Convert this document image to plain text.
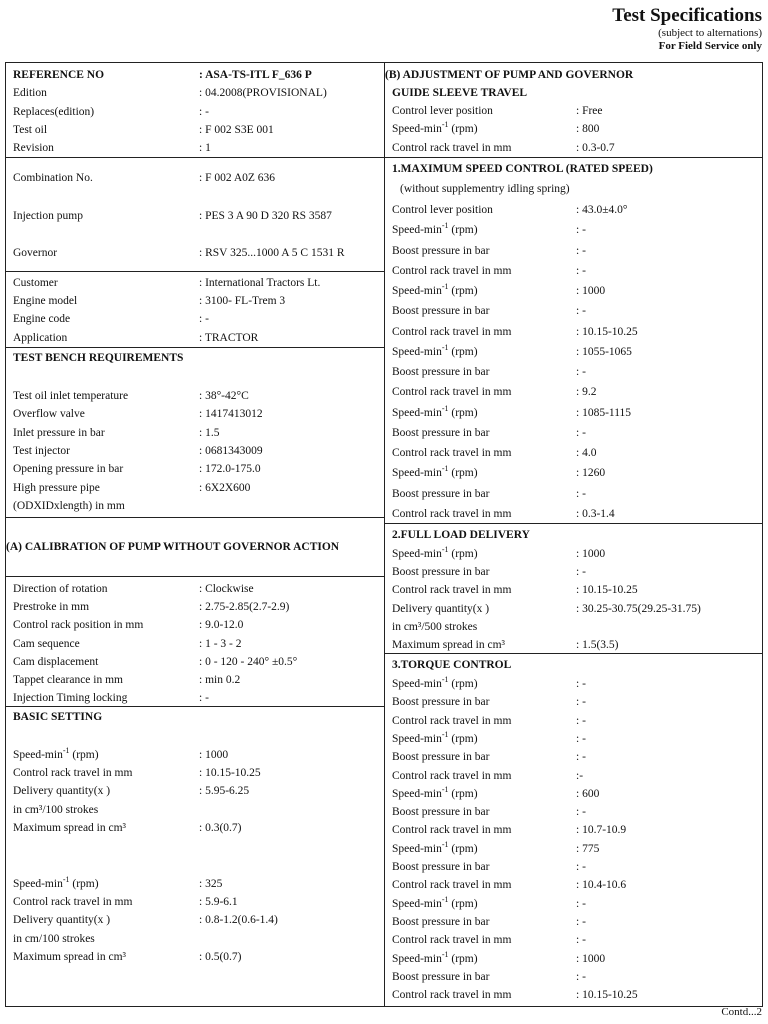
Test Specifications
(subject to alternations)
For Field Service only
REFERENCE NO	: ASA-TS-ITL F_636 P
Edition	: 04.2008(PROVISIONAL)
Replaces(edition)	: -
Test oil	: F 002 S3E 001
Revision	: 1
Combination No.	: F 002 A0Z 636
Injection pump	: PES 3 A 90 D 320 RS 3587
Governor	: RSV 325...1000 A 5 C 1531 R
Customer	: International Tractors Lt.
Engine model	: 3100- FL-Trem 3
Engine code	: -
Application	: TRACTOR
TEST BENCH REQUIREMENTS
Test oil inlet temperature	: 38°-42°C
Overflow valve	: 1417413012
Inlet pressure in bar	: 1.5
Test injector	: 0681343009
Opening pressure in bar	: 172.0-175.0
High pressure pipe	: 6X2X600
(ODXIDxlength) in mm
(A) CALIBRATION OF PUMP WITHOUT GOVERNOR ACTION
Direction of rotation	: Clockwise
Prestroke in mm	: 2.75-2.85(2.7-2.9)
Control rack position in mm	: 9.0-12.0
Cam sequence	: 1 - 3 - 2
Cam displacement	: 0 - 120 - 240° ±0.5°
Tappet clearance in mm	: min 0.2
Injection Timing locking	: -
BASIC SETTING
Speed-$\min^{-1}$ (rpm)	: 1000
Control rack travel in mm	: 10.15-10.25
Delivery quantity(x )	: 5.95-6.25
in cm³/100 strokes
Maximum spread in cm³	: 0.3(0.7)
Speed-$\min^{-1}$ (rpm)	: 325
Control rack travel in mm	: 5.9-6.1
Delivery quantity(x )	: 0.8-1.2(0.6-1.4)
in cm/100 strokes
Maximum spread in cm³	: 0.5(0.7)
(B) ADJUSTMENT OF PUMP AND GOVERNOR
GUIDE SLEEVE TRAVEL
Control lever position	: Free
Speed-$\min^{-1}$ (rpm)	: 800
Control rack travel in mm	: 0.3-0.7
1.MAXIMUM SPEED CONTROL (RATED SPEED)
(without supplementry idling spring)
Control lever position	: 43.0±4.0°
Speed-$\min^{-1}$ (rpm)	: -
Boost pressure in bar	: -
Control rack travel in mm	: -
Speed-$\min^{-1}$ (rpm)	: 1000
Boost pressure in bar	: -
Control rack travel in mm	: 10.15-10.25
Speed-$\min^{-1}$ (rpm)	: 1055-1065
Boost pressure in bar	: -
Control rack travel in mm	: 9.2
Speed-$\min^{-1}$ (rpm)	: 1085-1115
Boost pressure in bar	: -
Control rack travel in mm	: 4.0
Speed-$\min^{-1}$ (rpm)	: 1260
Boost pressure in bar	: -
Control rack travel in mm	: 0.3-1.4
2.FULL LOAD DELIVERY
Speed-$\min^{-1}$ (rpm)	: 1000
Boost pressure in bar	: -
Control rack travel in mm	: 10.15-10.25
Delivery quantity(x )	: 30.25-30.75(29.25-31.75)
in cm³/500 strokes
Maximum spread in cm³	: 1.5(3.5)
3.TORQUE CONTROL
Speed-$\min^{-1}$ (rpm)	: -
Boost pressure in bar	: -
Control rack travel in mm	: -
Speed-$\min^{-1}$ (rpm)	: -
Boost pressure in bar	: -
Control rack travel in mm	:-
Speed-$\min^{-1}$ (rpm)	: 600
Boost pressure in bar	: -
Control rack travel in mm	: 10.7-10.9
Speed-$\min^{-1}$ (rpm)	: 775
Boost pressure in bar	: -
Control rack travel in mm	: 10.4-10.6
Speed-$\min^{-1}$ (rpm)	: -
Boost pressure in bar	: -
Control rack travel in mm	: -
Speed-$\min^{-1}$ (rpm)	: 1000
Boost pressure in bar	: -
Control rack travel in mm	: 10.15-10.25
Contd...2
